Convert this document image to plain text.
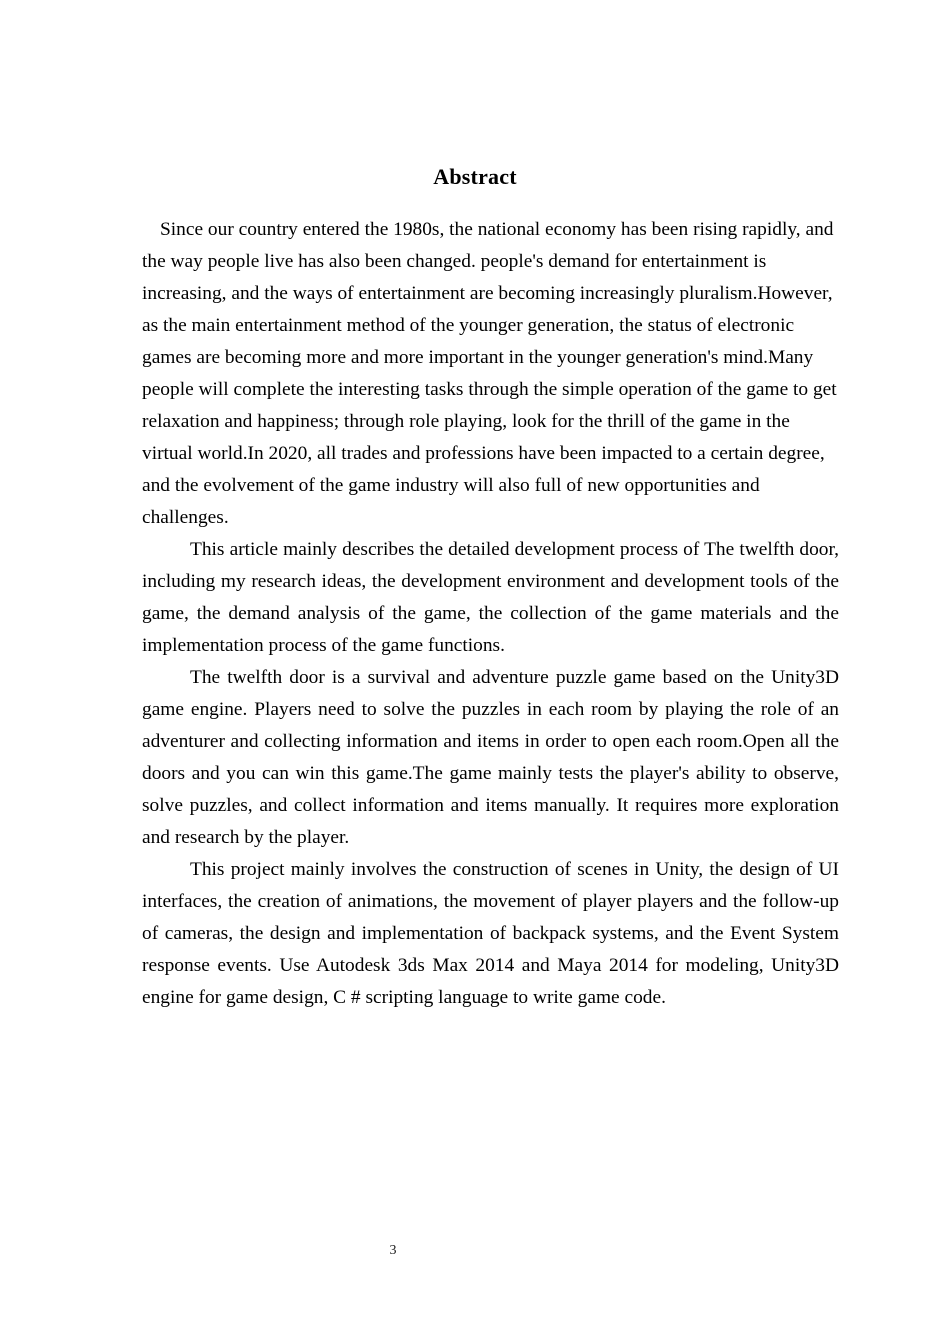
Abstract

Since our country entered the 1980s, the national economy has been rising rapidly, and the way people live has also been changed. people's demand for entertainment is increasing, and the ways of entertainment are becoming increasingly pluralism.However, as the main entertainment method of the younger generation, the status of electronic games are becoming more and more important in the younger generation's mind.Many people will complete the interesting tasks through the simple operation of the game to get relaxation and happiness; through role playing, look for the thrill of the game in the virtual world.In 2020, all trades and professions have been impacted to a certain degree, and the evolvement of the game industry will also full of new opportunities and challenges.

This article mainly describes the detailed development process of The twelfth door, including my research ideas, the development environment and development tools of the game, the demand analysis of the game, the collection of the game materials and the implementation process of the game functions.

The twelfth door is a survival and adventure puzzle game based on the Unity3D game engine. Players need to solve the puzzles in each room by playing the role of an adventurer and collecting information and items in order to open each room.Open all the doors and you can win this game.The game mainly tests the player's ability to observe, solve puzzles, and collect information and items manually. It requires more exploration and research by the player.

This project mainly involves the construction of scenes in Unity, the design of UI interfaces, the creation of animations, the movement of player players and the follow-up of cameras, the design and implementation of backpack systems, and the Event System response events. Use Autodesk 3ds Max 2014 and Maya 2014 for modeling, Unity3D engine for game design, C # scripting language to write game code.

3
